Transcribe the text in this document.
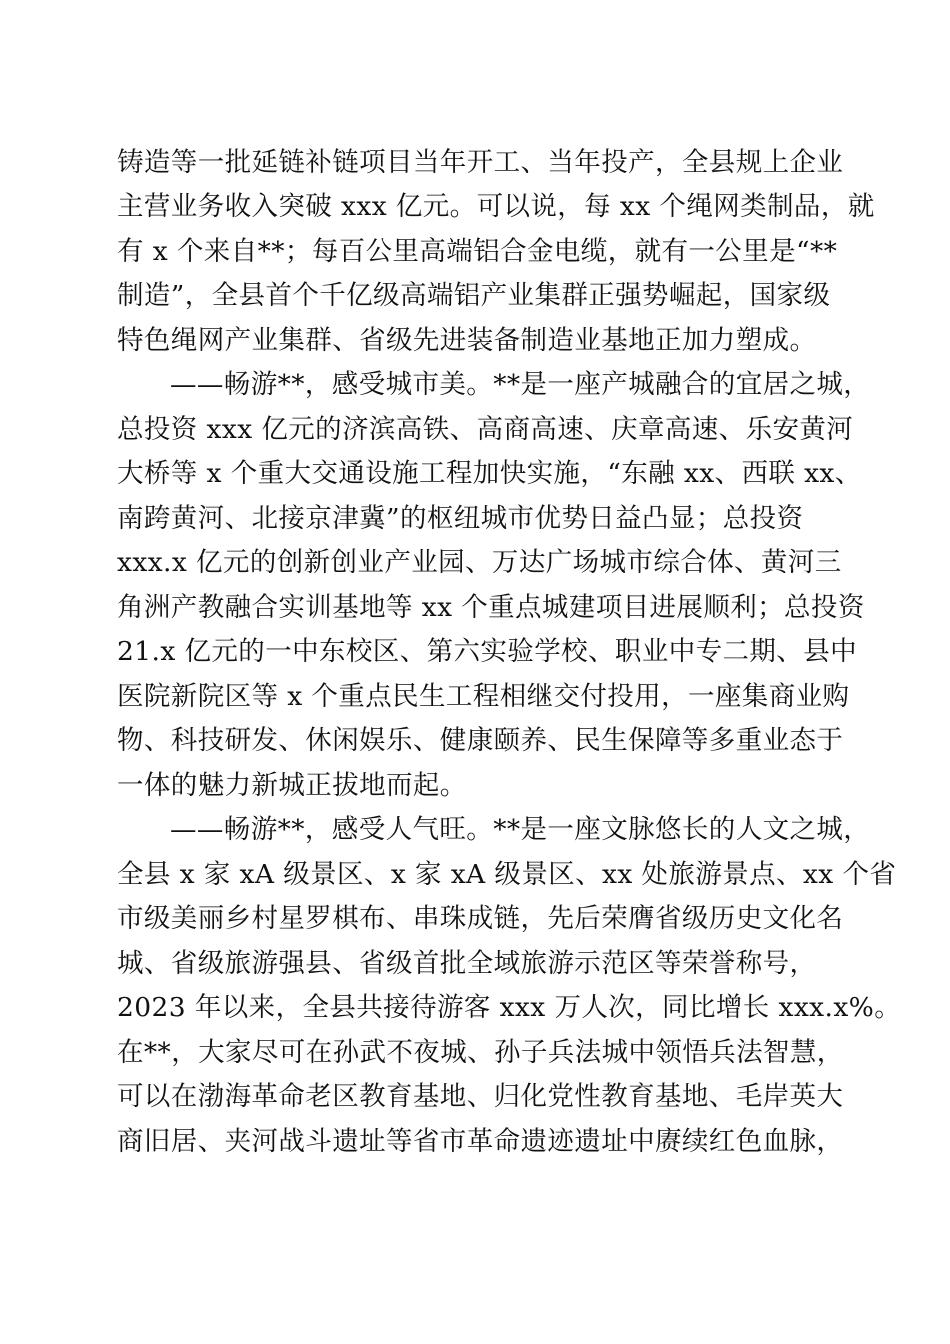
铸造等一批延链补链项目当年开工、当年投产，全县规上企业
主营业务收入突破 xxx 亿元。可以说，每 xx 个绳网类制品，就
有 x 个来自**；每百公里高端铝合金电缆，就有一公里是“**
制造”，全县首个千亿级高端铝产业集群正强势崛起，国家级
特色绳网产业集群、省级先进装备制造业基地正加力塑成。
——畅游**，感受城市美。**是一座产城融合的宜居之城，
总投资 xxx 亿元的济滨高铁、高商高速、庆章高速、乐安黄河
大桥等 x 个重大交通设施工程加快实施，“东融 xx、西联 xx、
南跨黄河、北接京津冀”的枢纽城市优势日益凸显；总投资
xxx.x 亿元的创新创业产业园、万达广场城市综合体、黄河三
角洲产教融合实训基地等 xx 个重点城建项目进展顺利；总投资
21.x 亿元的一中东校区、第六实验学校、职业中专二期、县中
医院新院区等 x 个重点民生工程相继交付投用，一座集商业购
物、科技研发、休闲娱乐、健康颐养、民生保障等多重业态于
一体的魅力新城正拔地而起。
——畅游**，感受人气旺。**是一座文脉悠长的人文之城，
全县 x 家 xA 级景区、x 家 xA 级景区、xx 处旅游景点、xx 个省
市级美丽乡村星罗棋布、串珠成链，先后荣膺省级历史文化名
城、省级旅游强县、省级首批全域旅游示范区等荣誉称号，
2023 年以来，全县共接待游客 xxx 万人次，同比增长 xxx.x%。
在**，大家尽可在孙武不夜城、孙子兵法城中领悟兵法智慧，
可以在渤海革命老区教育基地、归化党性教育基地、毛岸英大
商旧居、夹河战斗遗址等省市革命遗迹遗址中赓续红色血脉，
